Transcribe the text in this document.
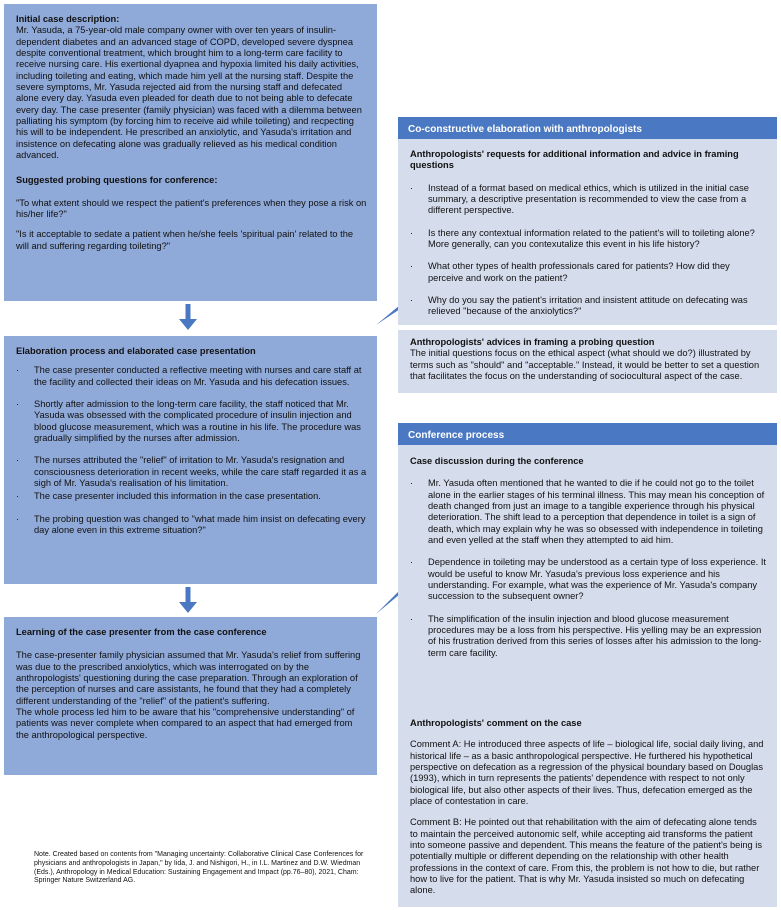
Initial case description:

Mr. Yasuda, a 75-year-old male company owner with over ten years of insulin-dependent diabetes and an advanced stage of COPD, developed severe dyspnea despite conventional treatment, which brought him to a long-term care facility to receive nursing care. His exertional dyapnea and hypoxia limited his daily activities, including toileting and eating, which made him yell at the nursing staff. Despite the severe symptoms, Mr. Yasuda rejected aid from the nursing staff and defecated alone every day. Yasuda even pleaded for death due to not being able to defecate every day. The case presenter (family physician) was faced with a dilemma between palliating his symptom (by forcing him to receive aid while toileting) and recpecting his will to be independent. He prescribed an anxiolytic, and Yasuda's irritation and insistence on defecating alone was gradually relieved as his medical condition advanced.

Suggested probing questions for conference:

"To what extent should we respect the patient's preferences when they pose a risk on his/her life?"

"Is it acceptable to sedate a patient when he/she feels 'spiritual pain' related to the will and suffering regarding toileting?"

Elaboration process and elaborated case presentation

· The case presenter conducted a reflective meeting with nurses and care staff at the facility and collected their ideas on Mr. Yasuda and his defecation issues.
· Shortly after admission to the long-term care facility, the staff noticed that Mr. Yasuda was obsessed with the complicated procedure of insulin injection and blood glucose measurement, which was a routine in his life. The procedure was gradually simplified by the nurses after admission.
· The nurses attributed the "relief" of irritation to Mr. Yasuda's resignation and consciousness deterioration in recent weeks, while the care staff regarded it as a sigh of Mr. Yasuda's realisation of his limitation.
· The case presenter included this information in the case presentation.
· The probing question was changed to "what made him insist on defecating every day alone even in this extreme situation?"

Learning of the case presenter from the case conference

The case-presenter family physician assumed that Mr. Yasuda's relief from suffering was due to the prescribed anxiolytics, which was interrogated on by the anthropologists' questioning during the case preparation. Through an exploration of the perception of nurses and care assistants, he found that they had a completely different understanding of the "relief" of the patient's suffering.

The whole process led him to be aware that his "comprehensive understanding" of patients was never complete when compared to an aspect that had emerged from the anthropological perspective.

Note. Created based on contents from "Managing uncertainty: Collaborative Clinical Case Conferences for physicians and anthropologists in Japan," by Iida, J. and Nishigori, H., in I.L. Martinez and D.W. Wiedman (Eds.), Anthropology in Medical Education: Sustaining Engagement and Impact (pp.76–80), 2021, Cham: Springer Nature Switzerland AG.

Co-constructive elaboration with anthropologists

Anthropologists' requests for additional information and advice in framing questions

· Instead of a format based on medical ethics, which is utilized in the initial case summary, a descriptive presentation is recommended to view the case from a different perspective.
· Is there any contextual information related to the patient's will to toileting alone? More generally, can you contexutalize this event in his life history?
· What other types of health professionals cared for patients? How did they perceive and work on the patient?
· Why do you say the patient's irritation and insistent attitude on defecating was relieved "because of the anxiolytics?"

Anthropologists' advices in framing a probing question

The initial questions focus on the ethical aspect (what should we do?) illustrated by terms such as "should" and "acceptable." Instead, it would be better to set a question that facilitates the focus on the understanding of sociocultural aspect of the case.

Conference process

Case discussion during the conference

· Mr. Yasuda often mentioned that he wanted to die if he could not go to the toilet alone in the earlier stages of his terminal illness. This may mean his conception of death changed from just an image to a tangible experience through his physical deterioration. The shift lead to a perception that dependence in toilet is a sign of death, which may explain why he was so obsessed with independence in toileting and even yelled at the staff when they attempted to aid him.
· Dependence in toileting may be understood as a certain type of loss experience. It would be useful to know Mr. Yasuda's previous loss experience and his understanding. For example, what was the experience of Mr. Yasuda's company succession to the subsequent owner?
· The simplification of the insulin injection and blood glucose measurement procedures may be a loss from his perspective. His yelling may be an expression of his frustration derived from this series of losses after his admission to the long-term care facility.

Anthropologists' comment on the case

Comment A: He introduced three aspects of life – biological life, social daily living, and historical life – as a basic anthropological perspective. He furthered his hypothetical perspective on defecation as a regression of the physical boundary based on Douglas (1993), which in turn represents the patients' dependence with respect to not only biological life, but also other aspects of their lives. Thus, defecation emerged as the place of contestation in care.

Comment B: He pointed out that rehabilitation with the aim of defecating alone tends to maintain the perceived autonomic self, while accepting aid transforms the patient into someone passive and dependent. This means the feature of the patient's being is potentially multiple or different depending on the relationship with other health professions in the context of care. From this, the problem is not how to die, but rather how to live for the patient. That is why Mr. Yasuda insisted so much on defecating alone.
